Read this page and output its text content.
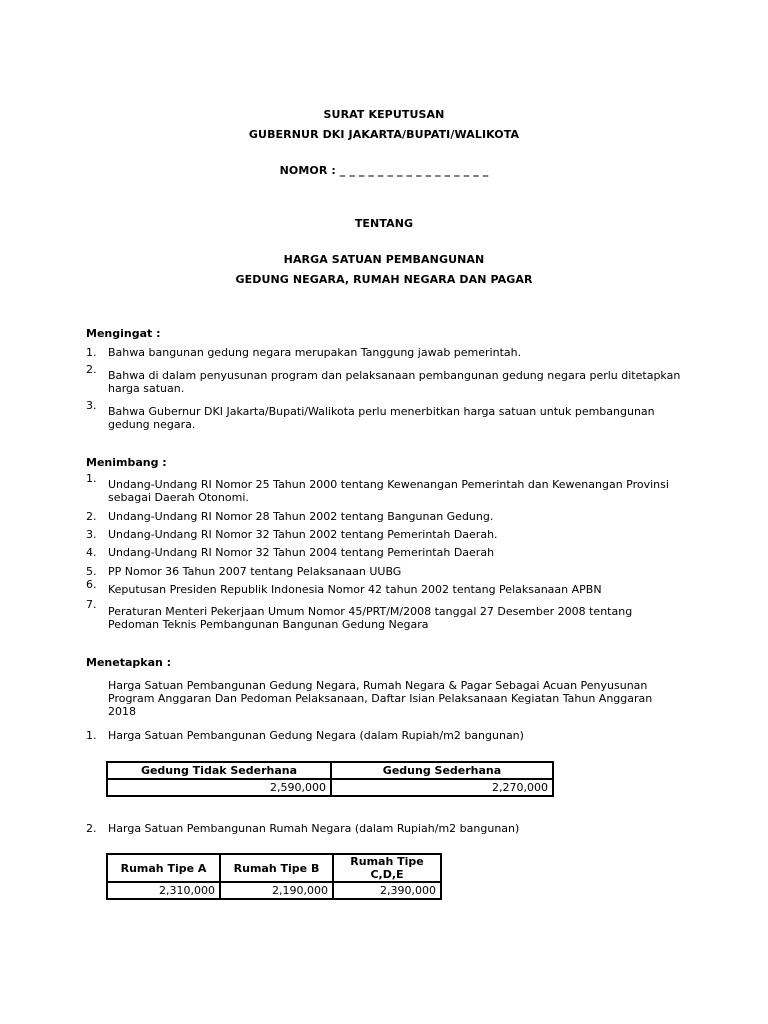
SURAT KEPUTUSAN
GUBERNUR DKI JAKARTA/BUPATI/WALIKOTA
NOMOR : _ _ _ _ _ _ _ _ _ _ _ _ _ _ _ _
TENTANG
HARGA SATUAN PEMBANGUNAN
GEDUNG NEGARA, RUMAH NEGARA DAN PAGAR
Mengingat :
1. Bahwa bangunan gedung negara merupakan Tanggung jawab pemerintah.
2. Bahwa di dalam penyusunan program dan pelaksanaan pembangunan gedung negara perlu ditetapkan harga satuan.
3. Bahwa Gubernur DKI Jakarta/Bupati/Walikota perlu menerbitkan harga satuan untuk pembangunan gedung negara.
Menimbang :
1. Undang-Undang RI Nomor 25 Tahun 2000 tentang Kewenangan Pemerintah dan Kewenangan Provinsi sebagai Daerah Otonomi.
2. Undang-Undang RI Nomor 28 Tahun 2002 tentang Bangunan Gedung.
3. Undang-Undang RI Nomor 32 Tahun 2002 tentang Pemerintah Daerah.
4. Undang-Undang RI Nomor 32 Tahun 2004 tentang Pemerintah Daerah
5. PP Nomor 36 Tahun 2007 tentang Pelaksanaan UUBG
6. Keputusan Presiden Republik Indonesia Nomor 42 tahun 2002 tentang Pelaksanaan APBN
7.
Peraturan Menteri Pekerjaan Umum Nomor 45/PRT/M/2008 tanggal 27 Desember 2008 tentang Pedoman Teknis Pembangunan Bangunan Gedung Negara
Menetapkan :
Harga Satuan Pembangunan Gedung Negara, Rumah Negara & Pagar Sebagai Acuan Penyusunan Program Anggaran Dan Pedoman Pelaksanaan, Daftar Isian Pelaksanaan Kegiatan Tahun Anggaran 2018
1. Harga Satuan Pembangunan Gedung Negara (dalam Rupiah/m2 bangunan)
Gedung Tidak Sederhana	Gedung Sederhana
2,590,000	2,270,000
2. Harga Satuan Pembangunan Rumah Negara (dalam Rupiah/m2 bangunan)
Rumah Tipe A	Rumah Tipe B	Rumah Tipe C,D,E
2,310,000	2,190,000	2,390,000
